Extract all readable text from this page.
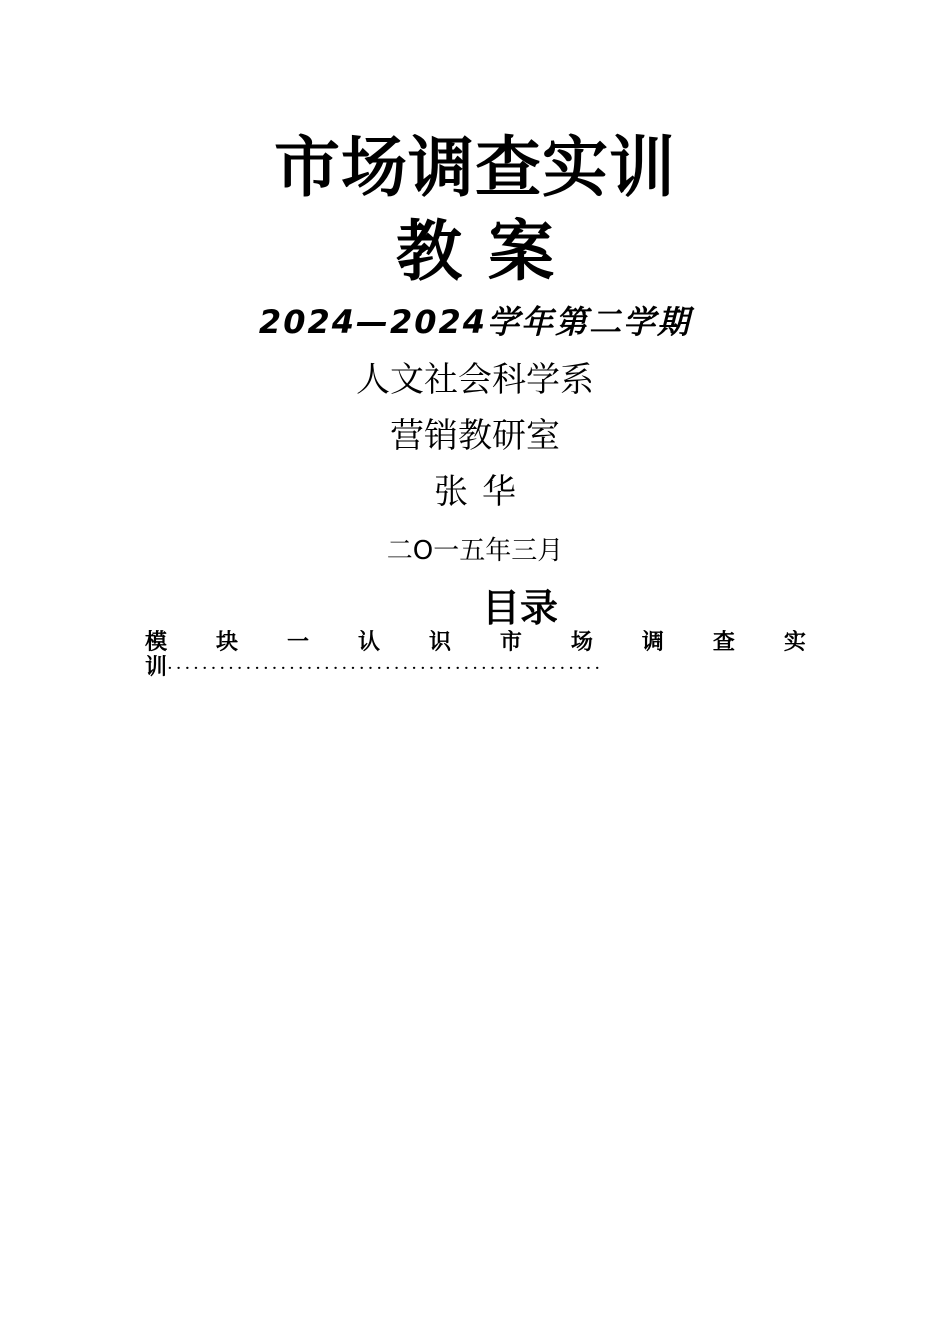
市场调查实训
教案
2024—2024学年第二学期
人文社会科学系
营销教研室
张华
二O一五年三月
目录
模 块 一 认 识 市 场 调 查 实
训··················································
